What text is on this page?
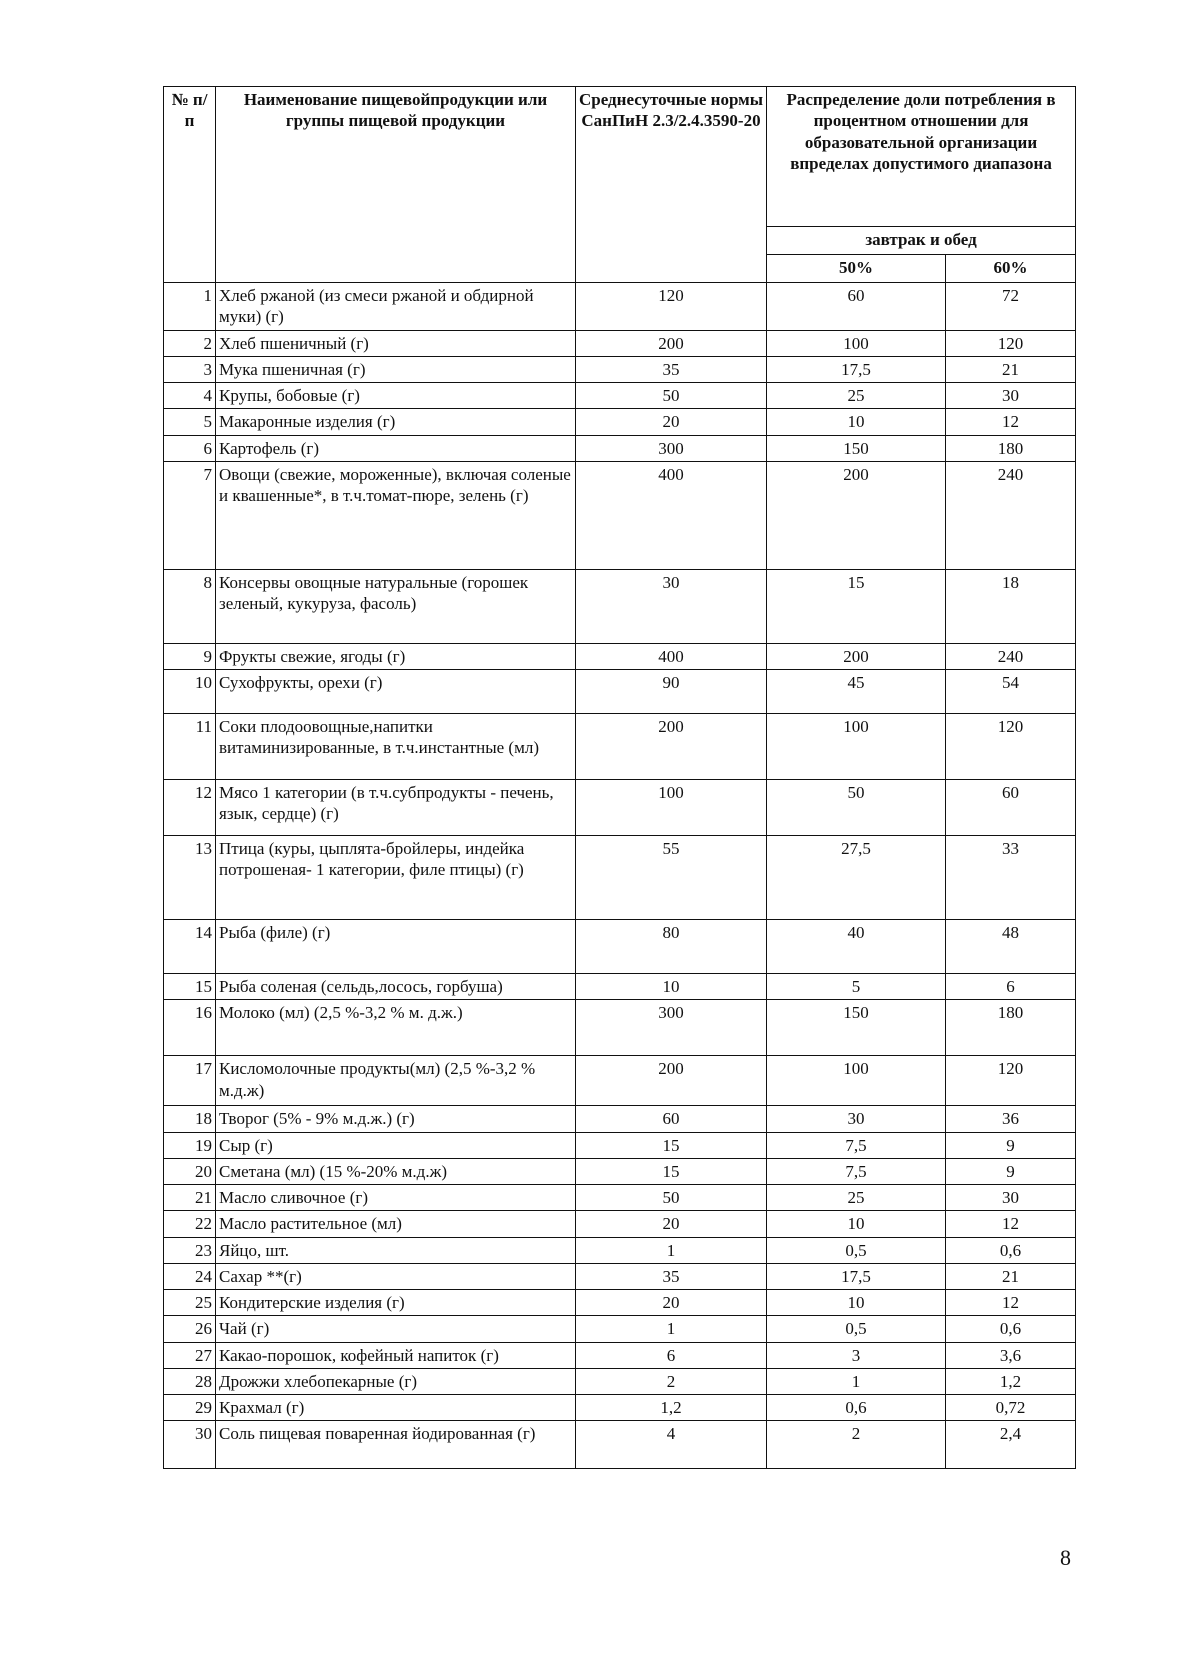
№ п/ п	Наименование пищевойпродукции или группы пищевой продукции	Среднесуточные нормы СанПиН 2.3/2.4.3590-20	Распределение доли потребления в процентном отношении для образовательной организации впределах допустимого диапазона	
			завтрак и обед	
			50%	60%
1	Хлеб ржаной (из смеси ржаной и обдирной муки) (г)	120	60	72
2	Хлеб пшеничный (г)	200	100	120
3	Мука пшеничная (г)	35	17,5	21
4	Крупы, бобовые (г)	50	25	30
5	Макаронные изделия (г)	20	10	12
6	Картофель (г)	300	150	180
7	Овощи (свежие, мороженные), включая соленые и квашенные*, в т.ч.томат-пюре, зелень (г)	400	200	240
8	Консервы овощные натуральные (горошек зеленый, кукуруза, фасоль)	30	15	18
9	Фрукты свежие, ягоды (г)	400	200	240
10	Сухофрукты, орехи (г)	90	45	54
11	Соки плодоовощные,напитки витаминизированные, в т.ч.инстантные (мл)	200	100	120
12	Мясо 1 категории (в т.ч.субпродукты - печень, язык, сердце) (г)	100	50	60
13	Птица (куры, цыплята-бройлеры, индейка потрошеная- 1 категории, филе птицы) (г)	55	27,5	33
14	Рыба (филе) (г)	80	40	48
15	Рыба соленая (сельдь,лосось, горбуша)	10	5	6
16	Молоко (мл) (2,5 %-3,2 % м. д.ж.)	300	150	180
17	Кисломолочные продукты(мл) (2,5 %-3,2 % м.д.ж)	200	100	120
18	Творог (5% - 9% м.д.ж.) (г)	60	30	36
19	Сыр (г)	15	7,5	9
20	Сметана (мл) (15 %-20% м.д.ж)	15	7,5	9
21	Масло сливочное (г)	50	25	30
22	Масло растительное (мл)	20	10	12
23	Яйцо, шт.	1	0,5	0,6
24	Сахар **(г)	35	17,5	21
25	Кондитерские изделия (г)	20	10	12
26	Чай (г)	1	0,5	0,6
27	Какао-порошок, кофейный напиток (г)	6	3	3,6
28	Дрожжи хлебопекарные (г)	2	1	1,2
29	Крахмал (г)	1,2	0,6	0,72
30	Соль пищевая поваренная йодированная (г)	4	2	2,4
8
